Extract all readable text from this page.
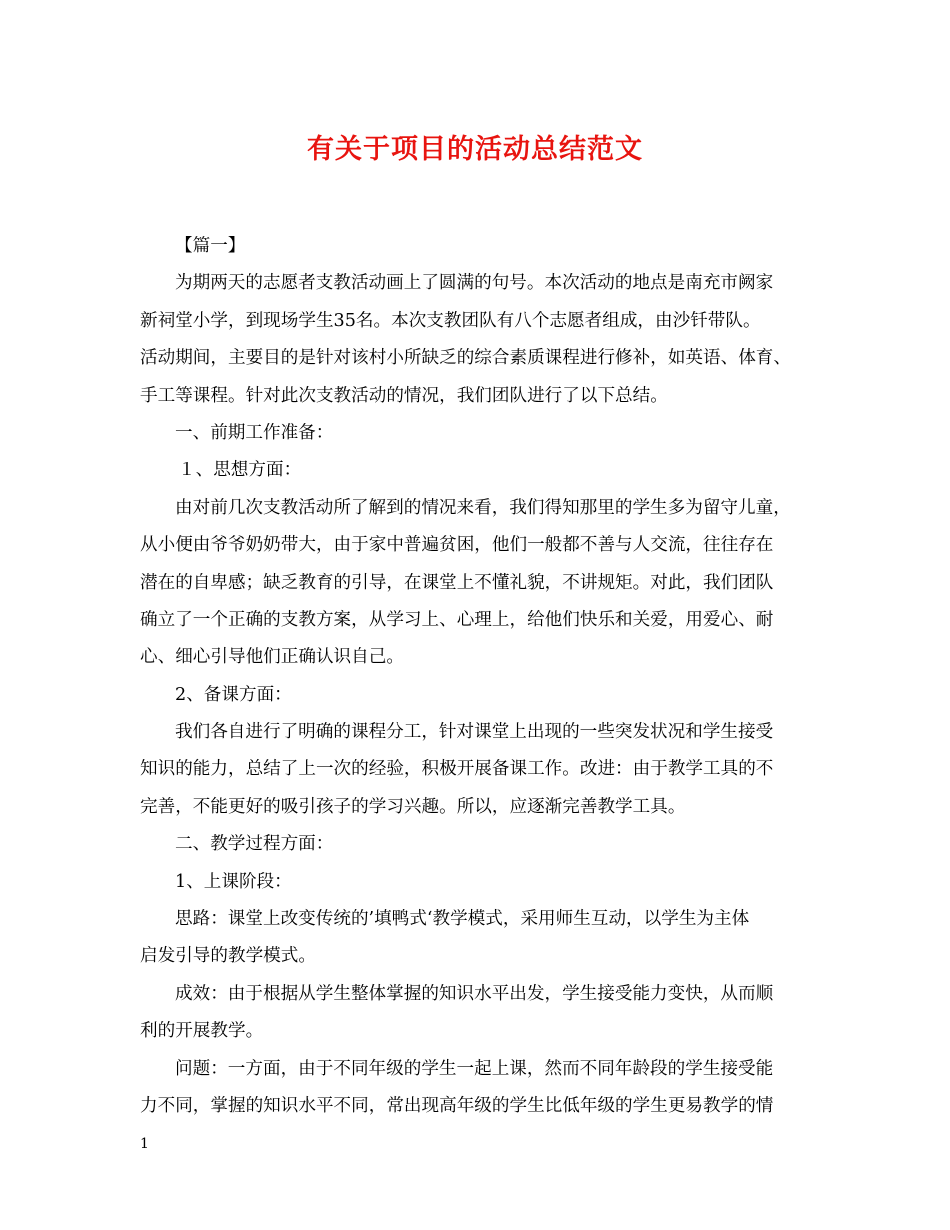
有关于项目的活动总结范文
【篇一】
为期两天的志愿者支教活动画上了圆满的句号。本次活动的地点是南充市阙家
新祠堂小学，到现场学生35名。本次支教团队有八个志愿者组成，由沙钎带队。
活动期间，主要目的是针对该村小所缺乏的综合素质课程进行修补，如英语、体育、
手工等课程。针对此次支教活动的情况，我们团队进行了以下总结。
一、前期工作准备：
１、思想方面：
由对前几次支教活动所了解到的情况来看，我们得知那里的学生多为留守儿童，
从小便由爷爷奶奶带大，由于家中普遍贫困，他们一般都不善与人交流，往往存在
潜在的自卑感；缺乏教育的引导，在课堂上不懂礼貌，不讲规矩。对此，我们团队
确立了一个正确的支教方案，从学习上、心理上，给他们快乐和关爱，用爱心、耐
心、细心引导他们正确认识自己。
2、备课方面：
我们各自进行了明确的课程分工，针对课堂上出现的一些突发状况和学生接受
知识的能力，总结了上一次的经验，积极开展备课工作。改进：由于教学工具的不
完善，不能更好的吸引孩子的学习兴趣。所以，应逐渐完善教学工具。
二、教学过程方面：
1、上课阶段：
思路：课堂上改变传统的’填鸭式‘教学模式，采用师生互动，以学生为主体
启发引导的教学模式。
成效：由于根据从学生整体掌握的知识水平出发，学生接受能力变快，从而顺
利的开展教学。
问题：一方面，由于不同年级的学生一起上课，然而不同年龄段的学生接受能
力不同，掌握的知识水平不同，常出现高年级的学生比低年级的学生更易教学的情
1
